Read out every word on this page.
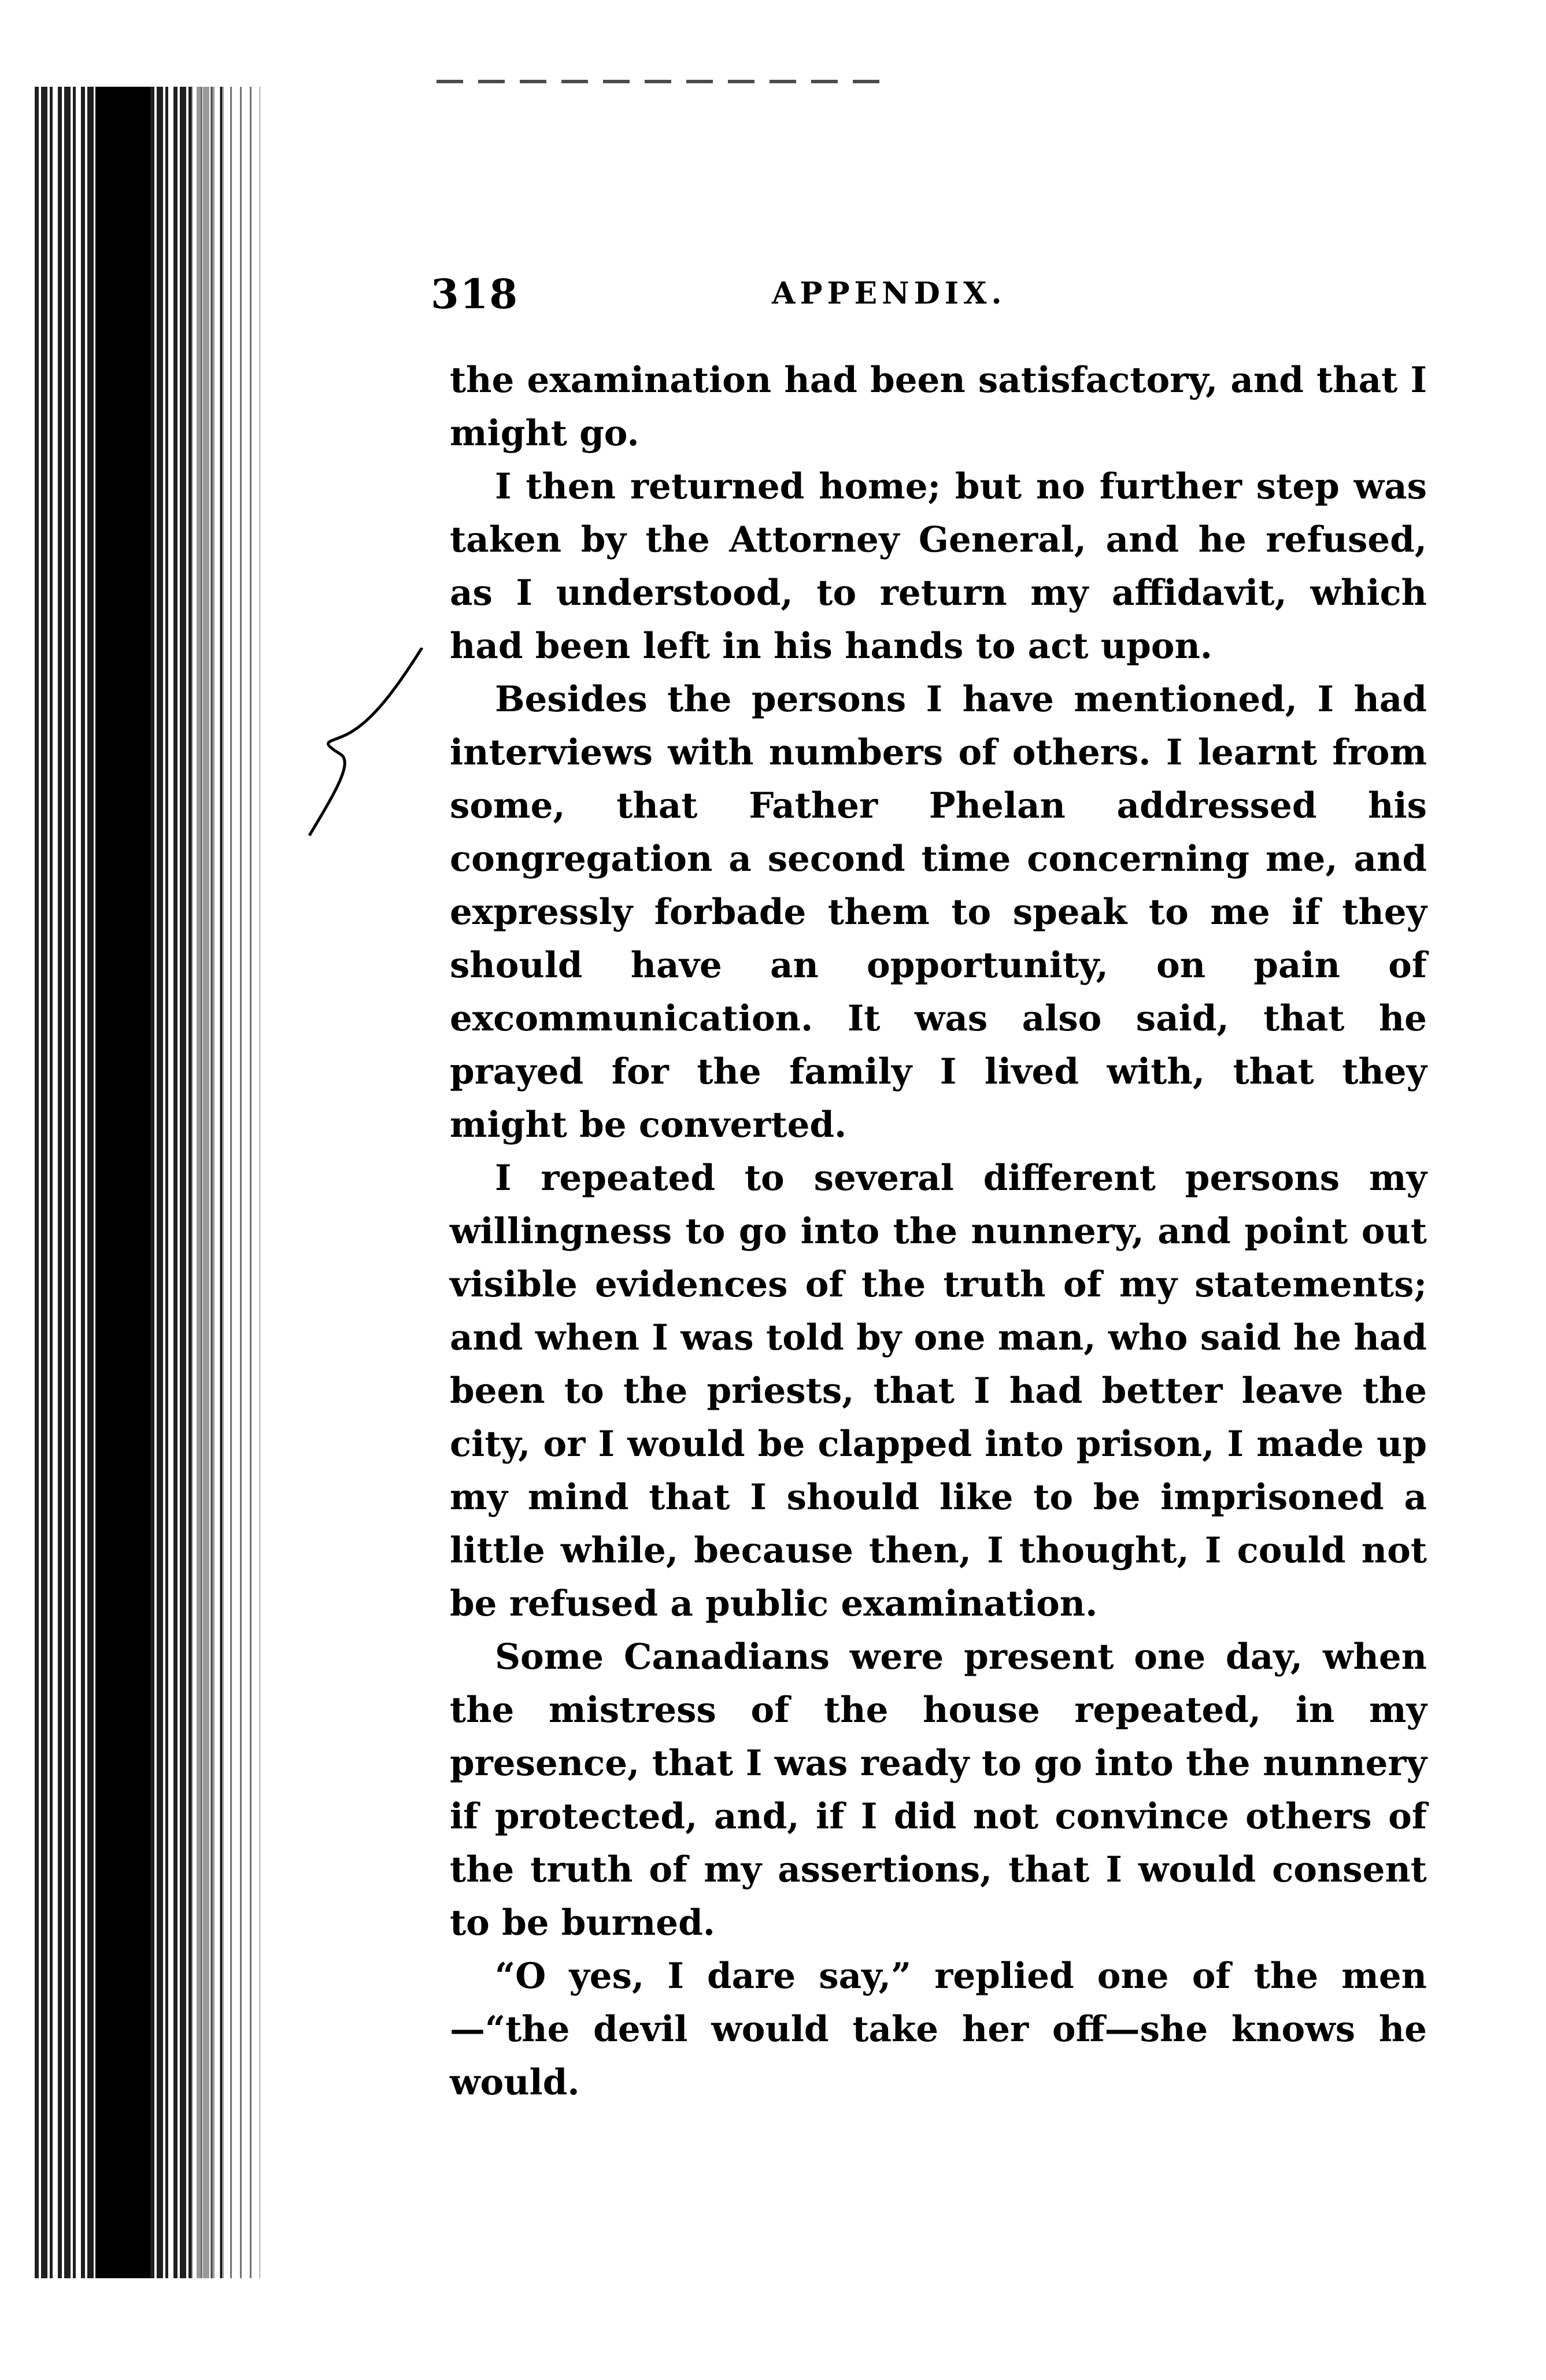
318	APPENDIX.

the examination had been satisfactory, and that I might go.

I then returned home; but no further step was taken by the Attorney General, and he refused, as I understood, to return my affidavit, which had been left in his hands to act upon.

Besides the persons I have mentioned, I had interviews with numbers of others. I learnt from some, that Father Phelan addressed his congregation a second time concerning me, and expressly forbade them to speak to me if they should have an opportunity, on pain of excommunication. It was also said, that he prayed for the family I lived with, that they might be converted.

I repeated to several different persons my willingness to go into the nunnery, and point out visible evidences of the truth of my statements; and when I was told by one man, who said he had been to the priests, that I had better leave the city, or I would be clapped into prison, I made up my mind that I should like to be imprisoned a little while, because then, I thought, I could not be refused a public examination.

Some Canadians were present one day, when the mistress of the house repeated, in my presence, that I was ready to go into the nunnery if protected, and, if I did not convince others of the truth of my assertions, that I would consent to be burned.

“O yes, I dare say,” replied one of the men—“the devil would take her off—she knows he would.
